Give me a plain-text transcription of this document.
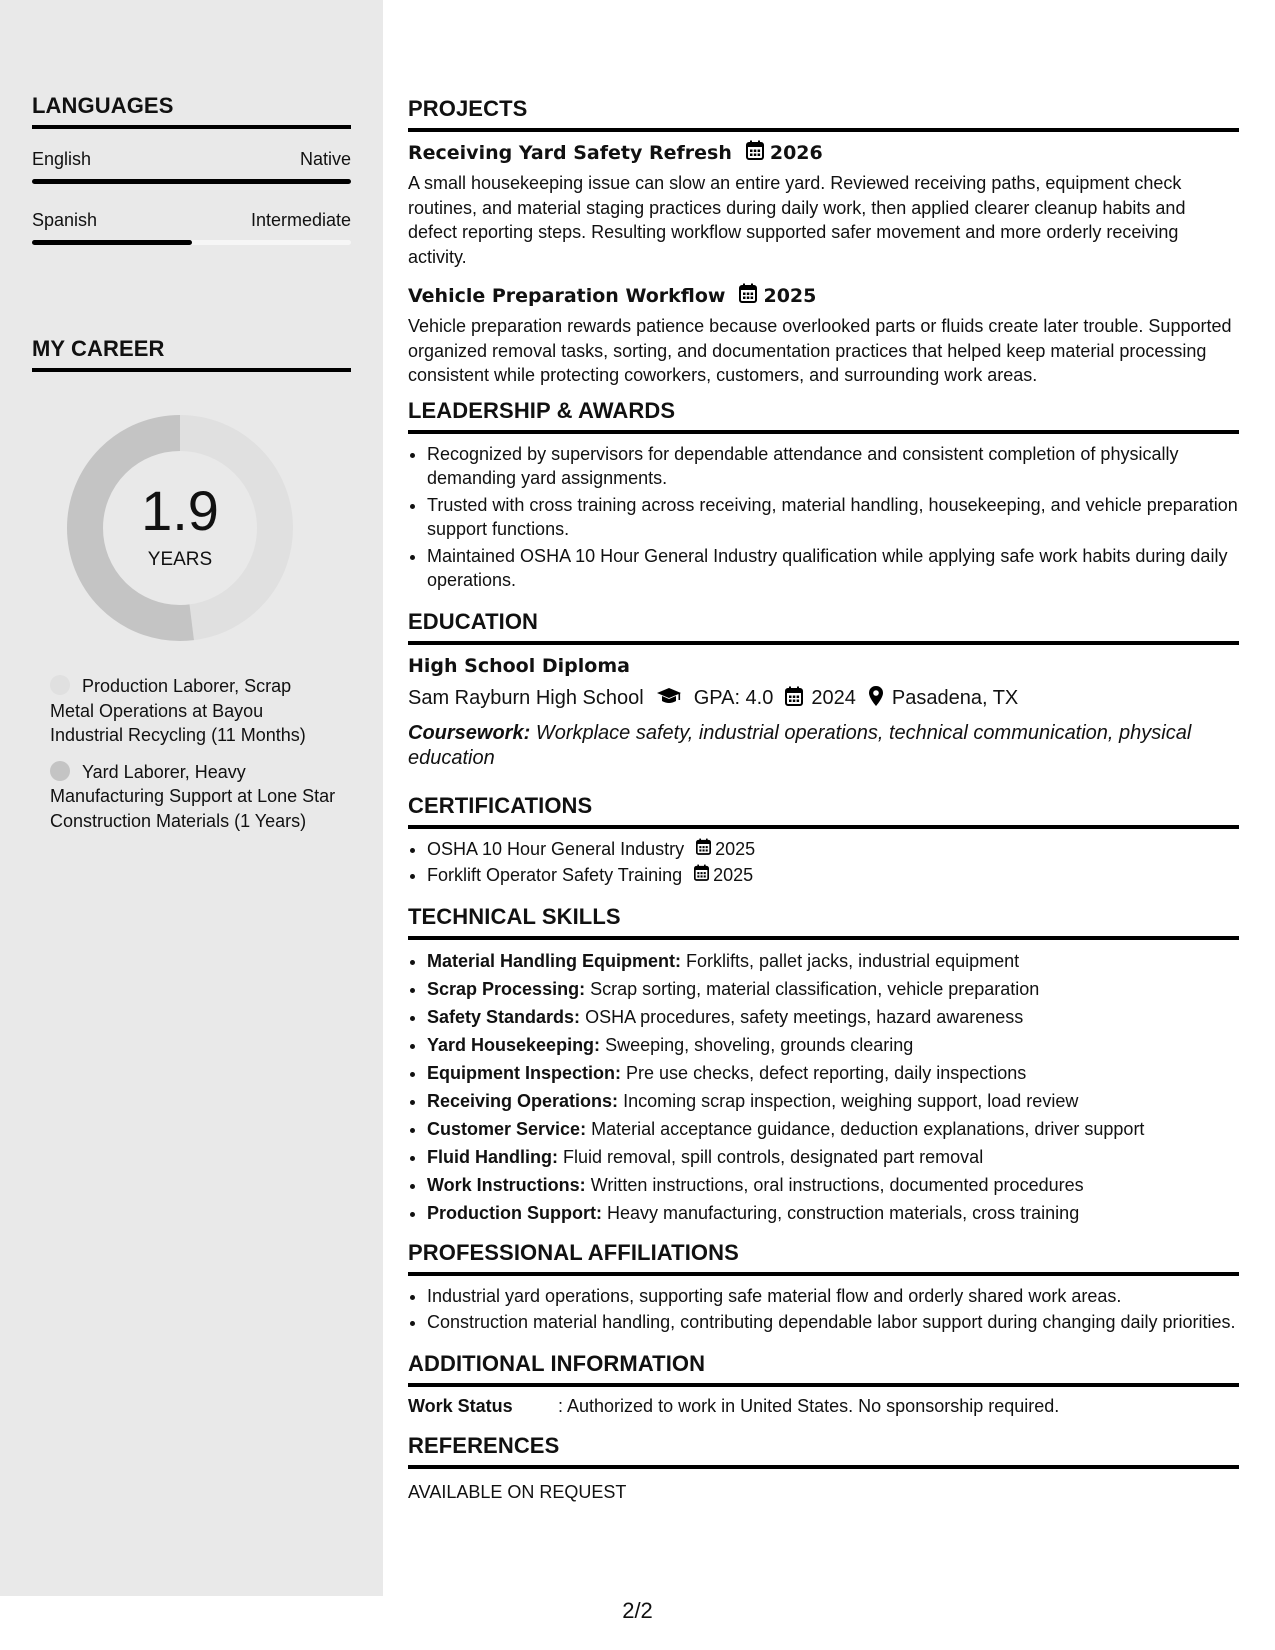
LANGUAGES
English	Native
Spanish	Intermediate
MY CAREER
1.9
YEARS
Production Laborer, Scrap Metal Operations at Bayou Industrial Recycling (11 Months)
Yard Laborer, Heavy Manufacturing Support at Lone Star Construction Materials (1 Years)
PROJECTS
Receiving Yard Safety Refresh 2026

A small housekeeping issue can slow an entire yard. Reviewed receiving paths, equipment check routines, and material staging practices during daily work, then applied clearer cleanup habits and defect reporting steps. Resulting workflow supported safer movement and more orderly receiving activity.

Vehicle Preparation Workflow 2025

Vehicle preparation rewards patience because overlooked parts or fluids create later trouble. Supported organized removal tasks, sorting, and documentation practices that helped keep material processing consistent while protecting coworkers, customers, and surrounding work areas.

LEADERSHIP & AWARDS
• Recognized by supervisors for dependable attendance and consistent completion of physically demanding yard assignments.
• Trusted with cross training across receiving, material handling, housekeeping, and vehicle preparation support functions.
• Maintained OSHA 10 Hour General Industry qualification while applying safe work habits during daily operations.
EDUCATION
High School Diploma
Sam Rayburn High School	GPA: 4.0 2024 Pasadena, TX
Coursework: Workplace safety, industrial operations, technical communication, physical education
CERTIFICATIONS
• OSHA 10 Hour General Industry 2025
• Forklift Operator Safety Training 2025
TECHNICAL SKILLS
• Material Handling Equipment: Forklifts, pallet jacks, industrial equipment
• Scrap Processing: Scrap sorting, material classification, vehicle preparation
• Safety Standards: OSHA procedures, safety meetings, hazard awareness
• Yard Housekeeping: Sweeping, shoveling, grounds clearing
• Equipment Inspection: Pre use checks, defect reporting, daily inspections
• Receiving Operations: Incoming scrap inspection, weighing support, load review
• Customer Service: Material acceptance guidance, deduction explanations, driver support
• Fluid Handling: Fluid removal, spill controls, designated part removal
• Work Instructions: Written instructions, oral instructions, documented procedures
• Production Support: Heavy manufacturing, construction materials, cross training
PROFESSIONAL AFFILIATIONS
• Industrial yard operations, supporting safe material flow and orderly shared work areas.
• Construction material handling, contributing dependable labor support during changing daily priorities.
ADDITIONAL INFORMATION
Work Status	: Authorized to work in United States. No sponsorship required.
REFERENCES
AVAILABLE ON REQUEST
2/2
